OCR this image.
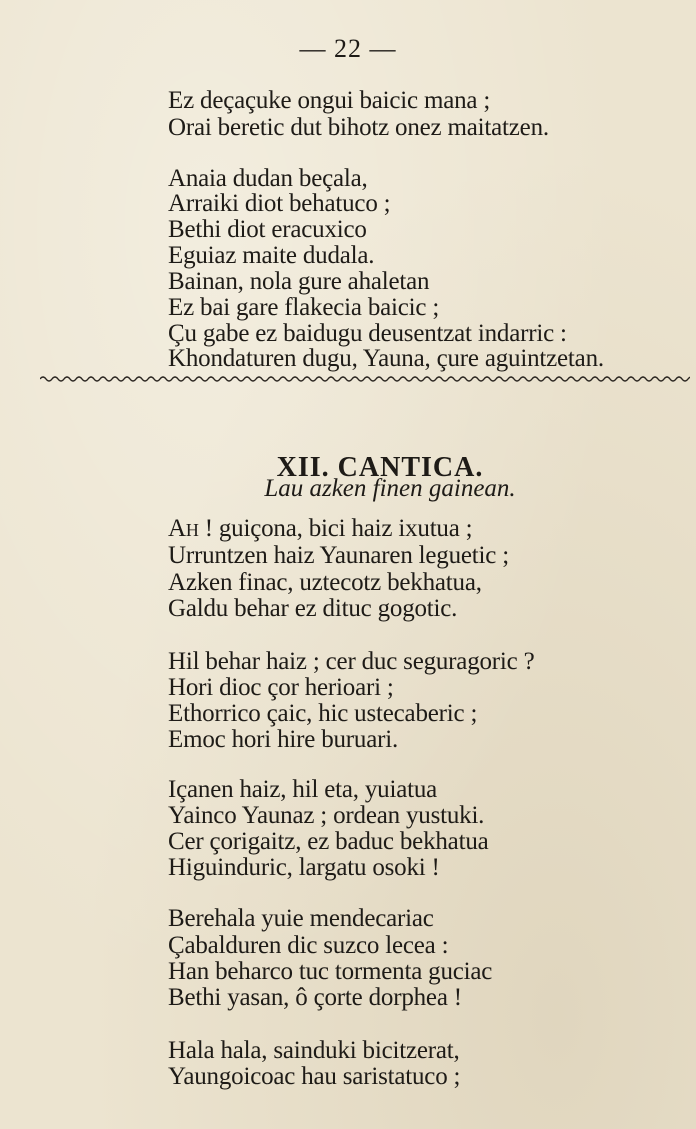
— 22 —
Ez deçaçuke ongui baicic mana ;
Orai beretic dut bihotz onez maitatzen.
Anaia dudan beçala,
Arraiki diot behatuco ;
Bethi diot eracuxico
Eguiaz maite dudala.
Bainan, nola gure ahaletan
Ez bai gare flakecia baicic ;
Çu gabe ez baidugu deusentzat indarric :
Khondaturen dugu, Yauna, çure aguintzetan.
XII. CANTICA.
Lau azken finen gainean.
Ah ! guiçona, bici haiz ixutua ;
Urruntzen haiz Yaunaren leguetic ;
Azken finac, uztecotz bekhatua,
Galdu behar ez dituc gogotic.
Hil behar haiz ; cer duc seguragoric ?
Hori dioc çor herioari ;
Ethorrico çaic, hic ustecaberic ;
Emoc hori hire buruari.
Içanen haiz, hil eta, yuiatua
Yainco Yaunaz ; ordean yustuki.
Cer çorigaitz, ez baduc bekhatua
Higuinduric, largatu osoki !
Berehala yuie mendecariac
Çabalduren dic suzco lecea :
Han beharco tuc tormenta guciac
Bethi yasan, ô çorte dorphea !
Hala hala, sainduki bicitzerat,
Yaungoicoac hau saristatuco ;
